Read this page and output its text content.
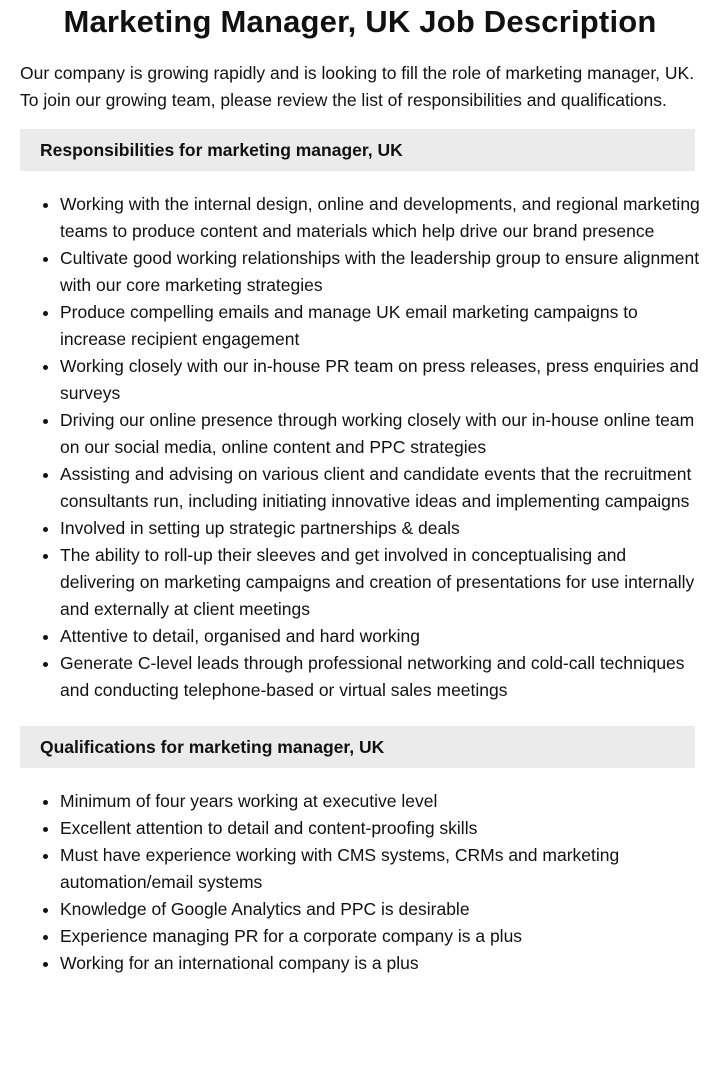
Marketing Manager, UK Job Description

Our company is growing rapidly and is looking to fill the role of marketing manager, UK. To join our growing team, please review the list of responsibilities and qualifications.

Responsibilities for marketing manager, UK
• Working with the internal design, online and developments, and regional marketing teams to produce content and materials which help drive our brand presence
• Cultivate good working relationships with the leadership group to ensure alignment with our core marketing strategies
• Produce compelling emails and manage UK email marketing campaigns to increase recipient engagement
• Working closely with our in-house PR team on press releases, press enquiries and surveys
• Driving our online presence through working closely with our in-house online team on our social media, online content and PPC strategies
• Assisting and advising on various client and candidate events that the recruitment consultants run, including initiating innovative ideas and implementing campaigns
• Involved in setting up strategic partnerships & deals
• The ability to roll-up their sleeves and get involved in conceptualising and delivering on marketing campaigns and creation of presentations for use internally and externally at client meetings
• Attentive to detail, organised and hard working
• Generate C-level leads through professional networking and cold-call techniques and conducting telephone-based or virtual sales meetings
Qualifications for marketing manager, UK
• Minimum of four years working at executive level
• Excellent attention to detail and content-proofing skills
• Must have experience working with CMS systems, CRMs and marketing automation/email systems
• Knowledge of Google Analytics and PPC is desirable
• Experience managing PR for a corporate company is a plus
• Working for an international company is a plus
